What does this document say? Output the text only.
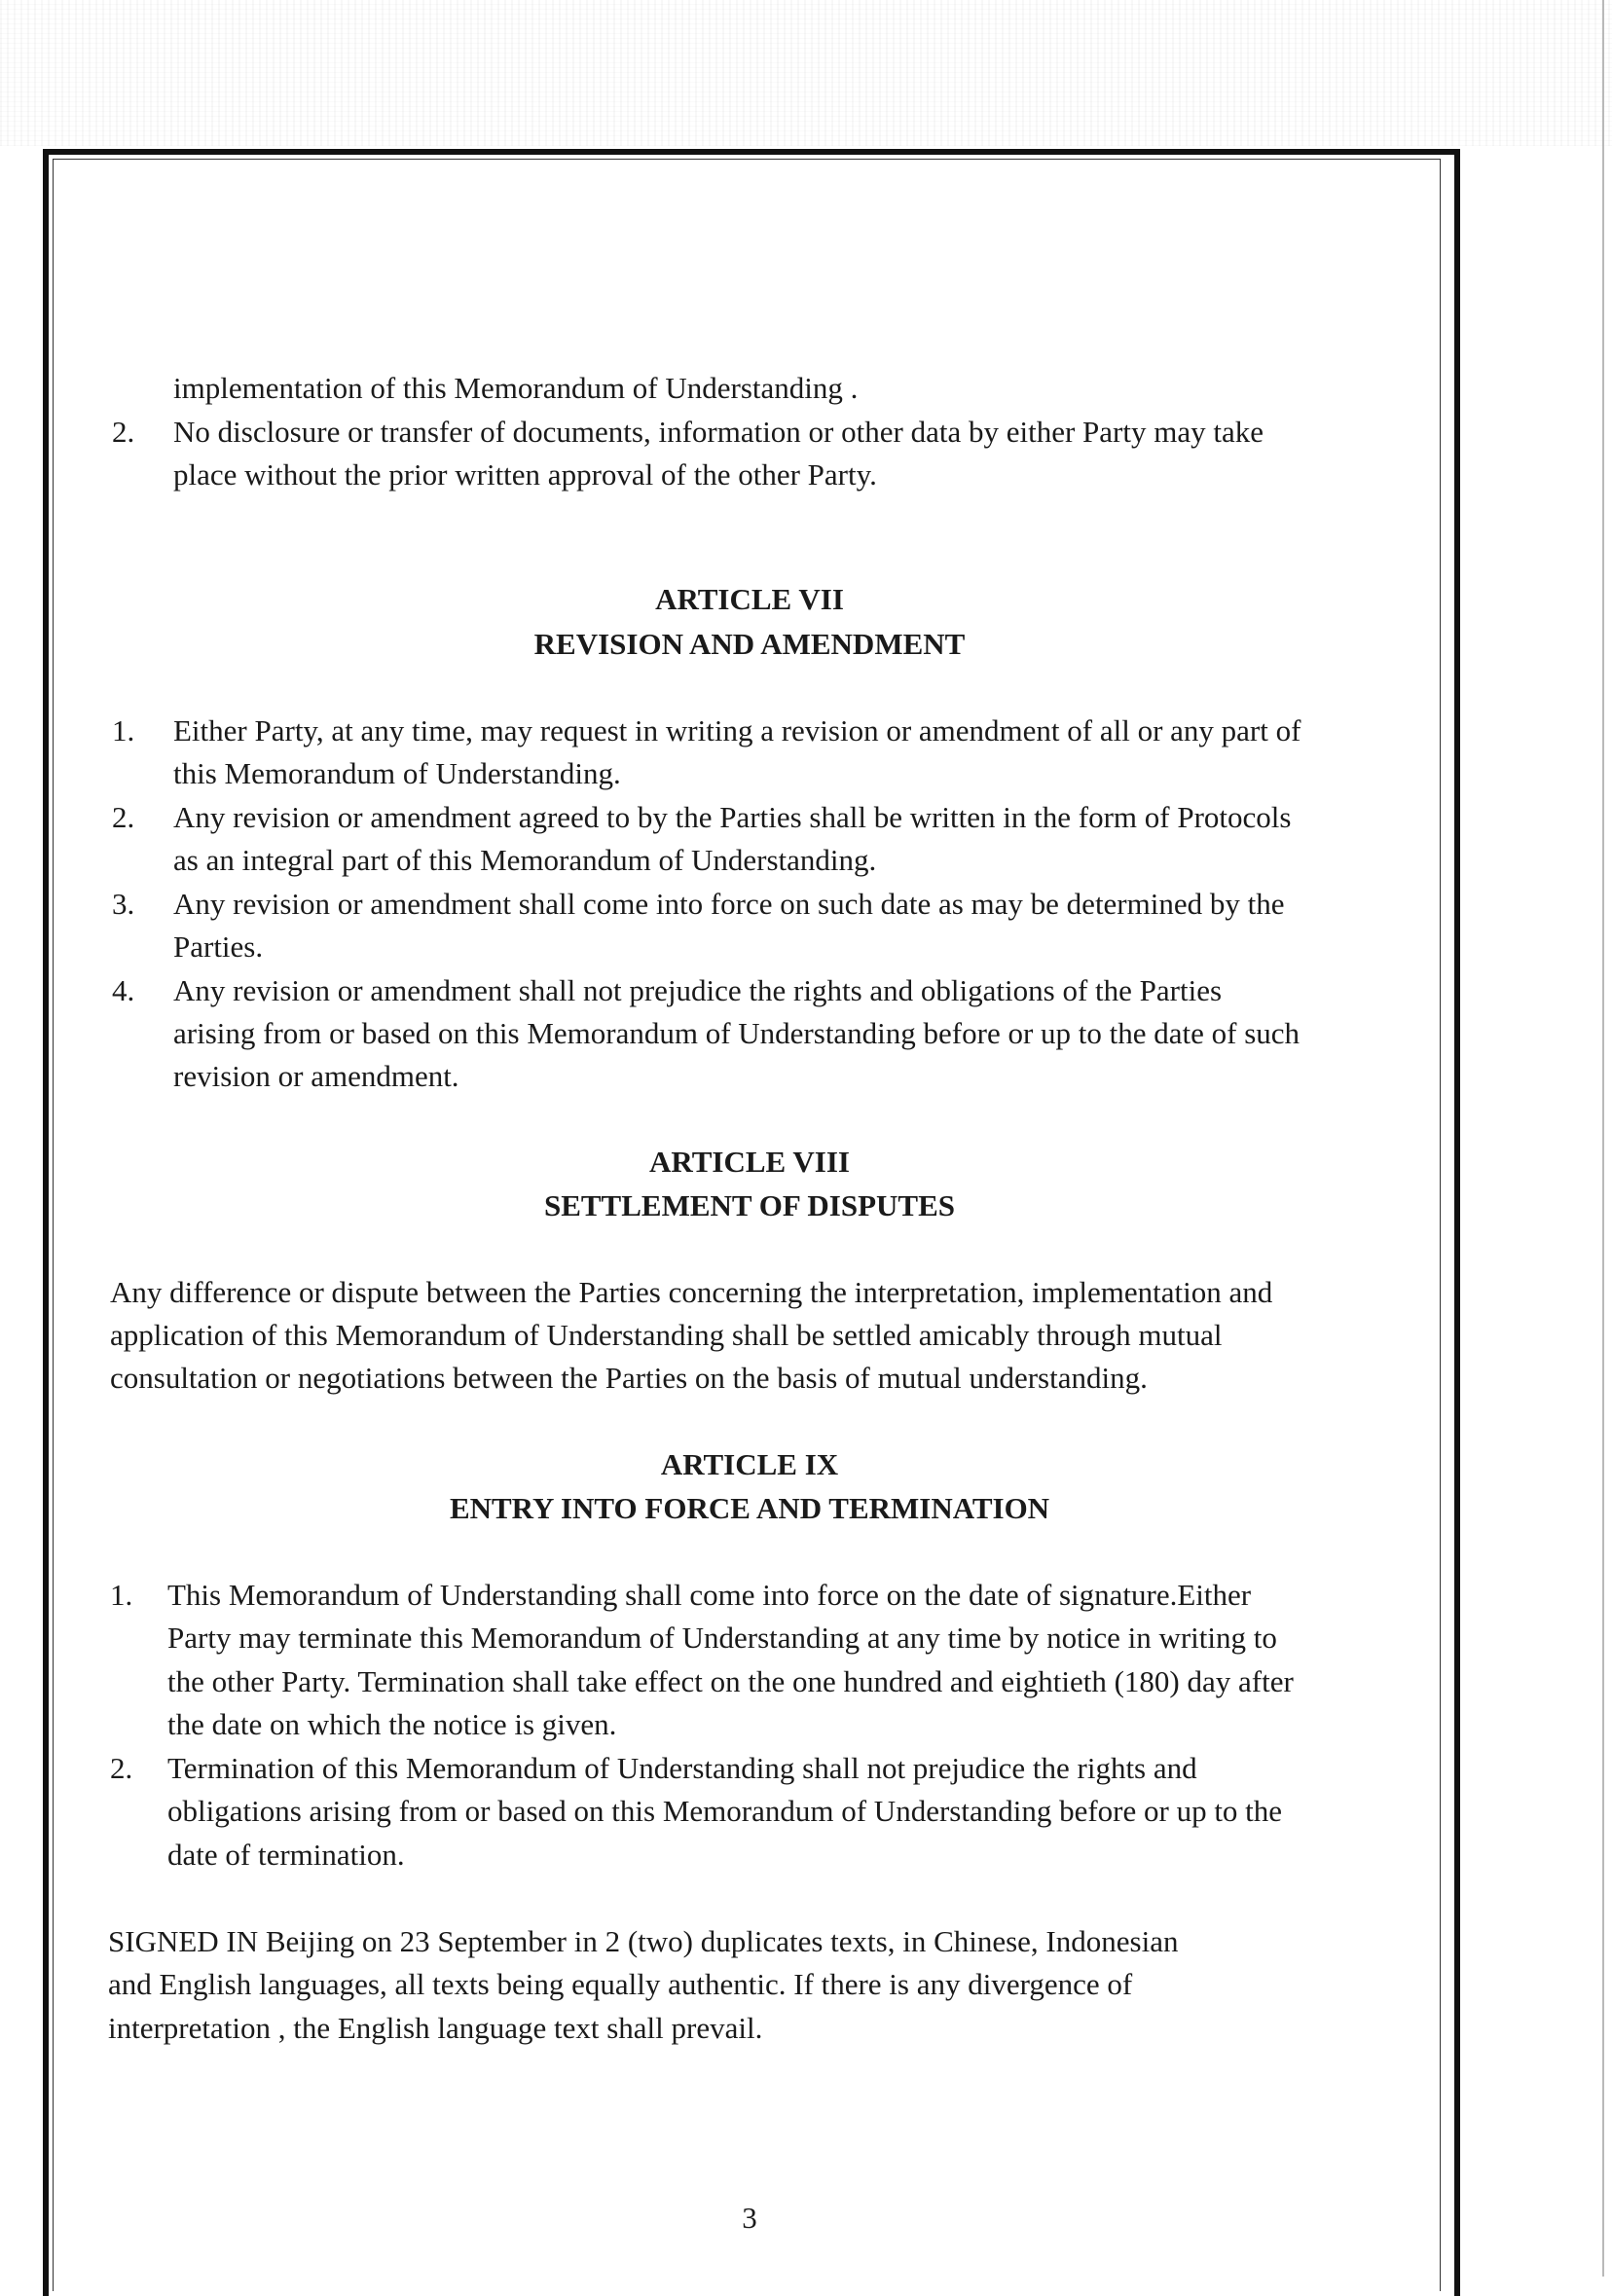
implementation of this Memorandum of Understanding .
2. No disclosure or transfer of documents, information or other data by either Party may take
place without the prior written approval of the other Party.
ARTICLE VII
REVISION AND AMENDMENT
1. Either Party, at any time, may request in writing a revision or amendment of all or any part of
this Memorandum of Understanding.
2. Any revision or amendment agreed to by the Parties shall be written in the form of Protocols
as an integral part of this Memorandum of Understanding.
3. Any revision or amendment shall come into force on such date as may be determined by the
Parties.
4. Any revision or amendment shall not prejudice the rights and obligations of the Parties
arising from or based on this Memorandum of Understanding before or up to the date of such
revision or amendment.
ARTICLE VIII
SETTLEMENT OF DISPUTES
Any difference or dispute between the Parties concerning the interpretation, implementation and
application of this Memorandum of Understanding shall be settled amicably through mutual
consultation or negotiations between the Parties on the basis of mutual understanding.
ARTICLE IX
ENTRY INTO FORCE AND TERMINATION
1. This Memorandum of Understanding shall come into force on the date of signature.Either
Party may terminate this Memorandum of Understanding at any time by notice in writing to
the other Party. Termination shall take effect on the one hundred and eightieth (180) day after
the date on which the notice is given.
2. Termination of this Memorandum of Understanding shall not prejudice the rights and
obligations arising from or based on this Memorandum of Understanding before or up to the
date of termination.
SIGNED IN Beijing on 23 September in 2 (two) duplicates texts, in Chinese, Indonesian
and English languages, all texts being equally authentic. If there is any divergence of
interpretation , the English language text shall prevail.
3
